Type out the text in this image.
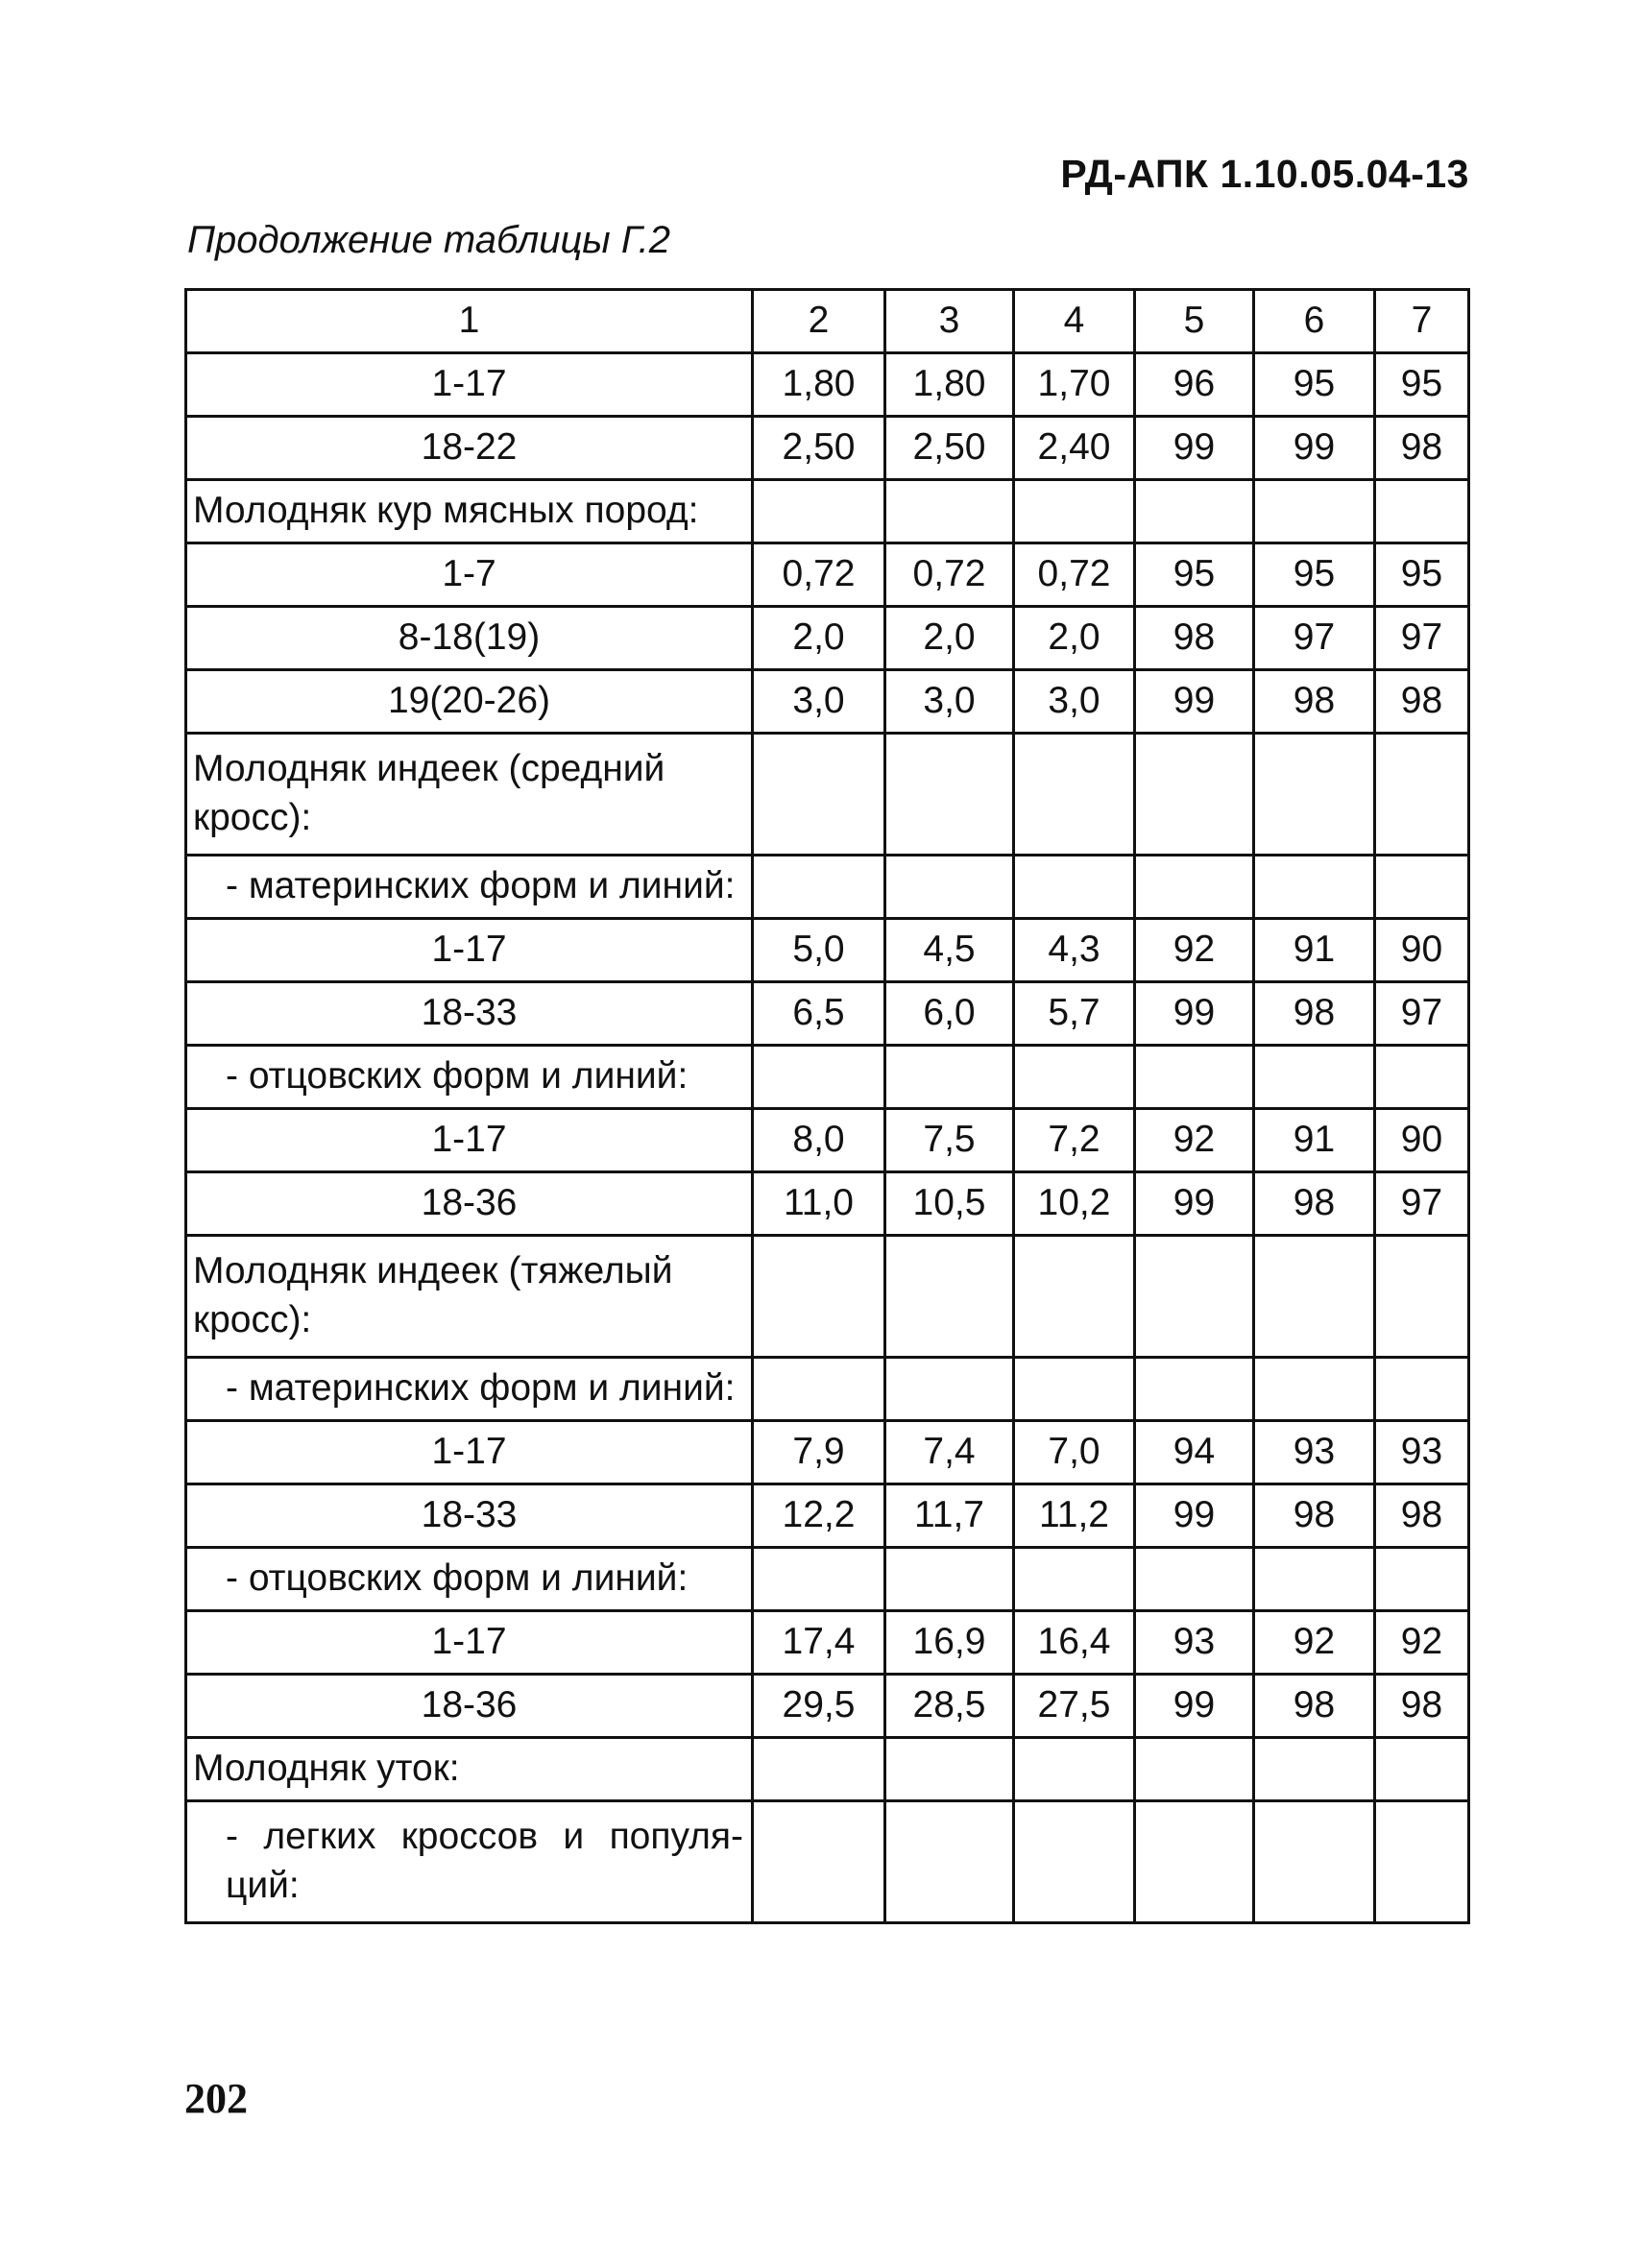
РД-АПК 1.10.05.04-13
Продолжение таблицы Г.2
1	2	3	4	5	6	7
1-17	1,80	1,80	1,70	96	95	95
18-22	2,50	2,50	2,40	99	99	98
Молодняк кур мясных пород:						
1-7	0,72	0,72	0,72	95	95	95
8-18(19)	2,0	2,0	2,0	98	97	97
19(20-26)	3,0	3,0	3,0	99	98	98
Молодняк индеек (средний кросс):						
- материнских форм и линий:						
1-17	5,0	4,5	4,3	92	91	90
18-33	6,5	6,0	5,7	99	98	97
- отцовских форм и линий:						
1-17	8,0	7,5	7,2	92	91	90
18-36	11,0	10,5	10,2	99	98	97
Молодняк индеек (тяжелый кросс):						
- материнских форм и линий:						
1-17	7,9	7,4	7,0	94	93	93
18-33	12,2	11,7	11,2	99	98	98
- отцовских форм и линий:						
1-17	17,4	16,9	16,4	93	92	92
18-36	29,5	28,5	27,5	99	98	98
Молодняк уток:						
- легких кроссов и популя-ций:						
202
